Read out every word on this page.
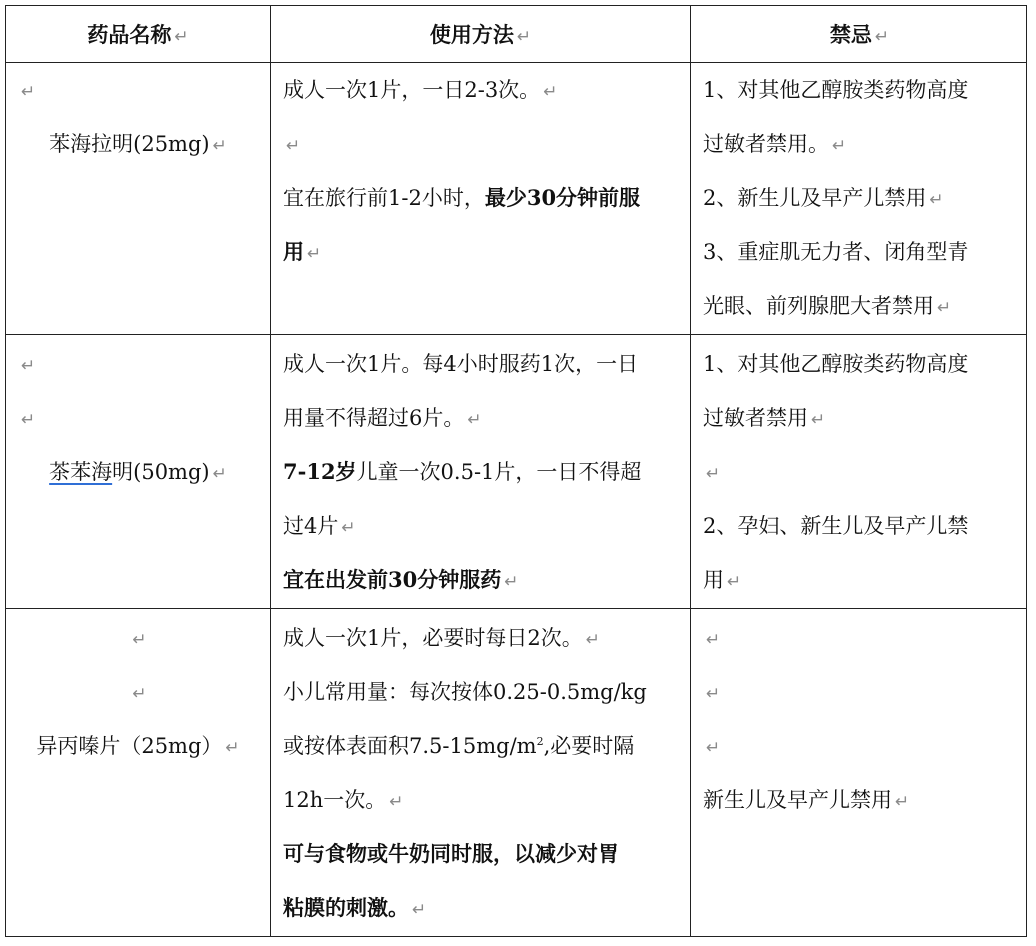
药品名称 ↵	使用方法 ↵	禁忌 ↵
↵
苯海拉明(25mg) ↵
成人一次1片，一日2-3次。 ↵
↵
宜在旅行前1-2小时，最少30分钟前服
用 ↵
1、对其他乙醇胺类药物高度
过敏者禁用。 ↵
2、新生儿及早产儿禁用 ↵
3、重症肌无力者、闭角型青
光眼、前列腺肥大者禁用 ↵
↵
↵
茶苯海明(50mg) ↵
成人一次1片。每4小时服药1次，一日
用量不得超过6片。 ↵
7-12岁儿童一次0.5-1片，一日不得超
过4片 ↵
宜在出发前30分钟服药 ↵
1、对其他乙醇胺类药物高度
过敏者禁用 ↵
↵
2、孕妇、新生儿及早产儿禁
用 ↵
↵
↵
异丙嗪片（25mg） ↵
成人一次1片，必要时每日2次。 ↵
小儿常用量：每次按体0.25-0.5mg/kg
或按体表面积$7.5-15mg/m^2$,必要时隔
12h一次。 ↵
可与食物或牛奶同时服，以减少对胃
粘膜的刺激。 ↵
↵
↵
↵
新生儿及早产儿禁用 ↵
